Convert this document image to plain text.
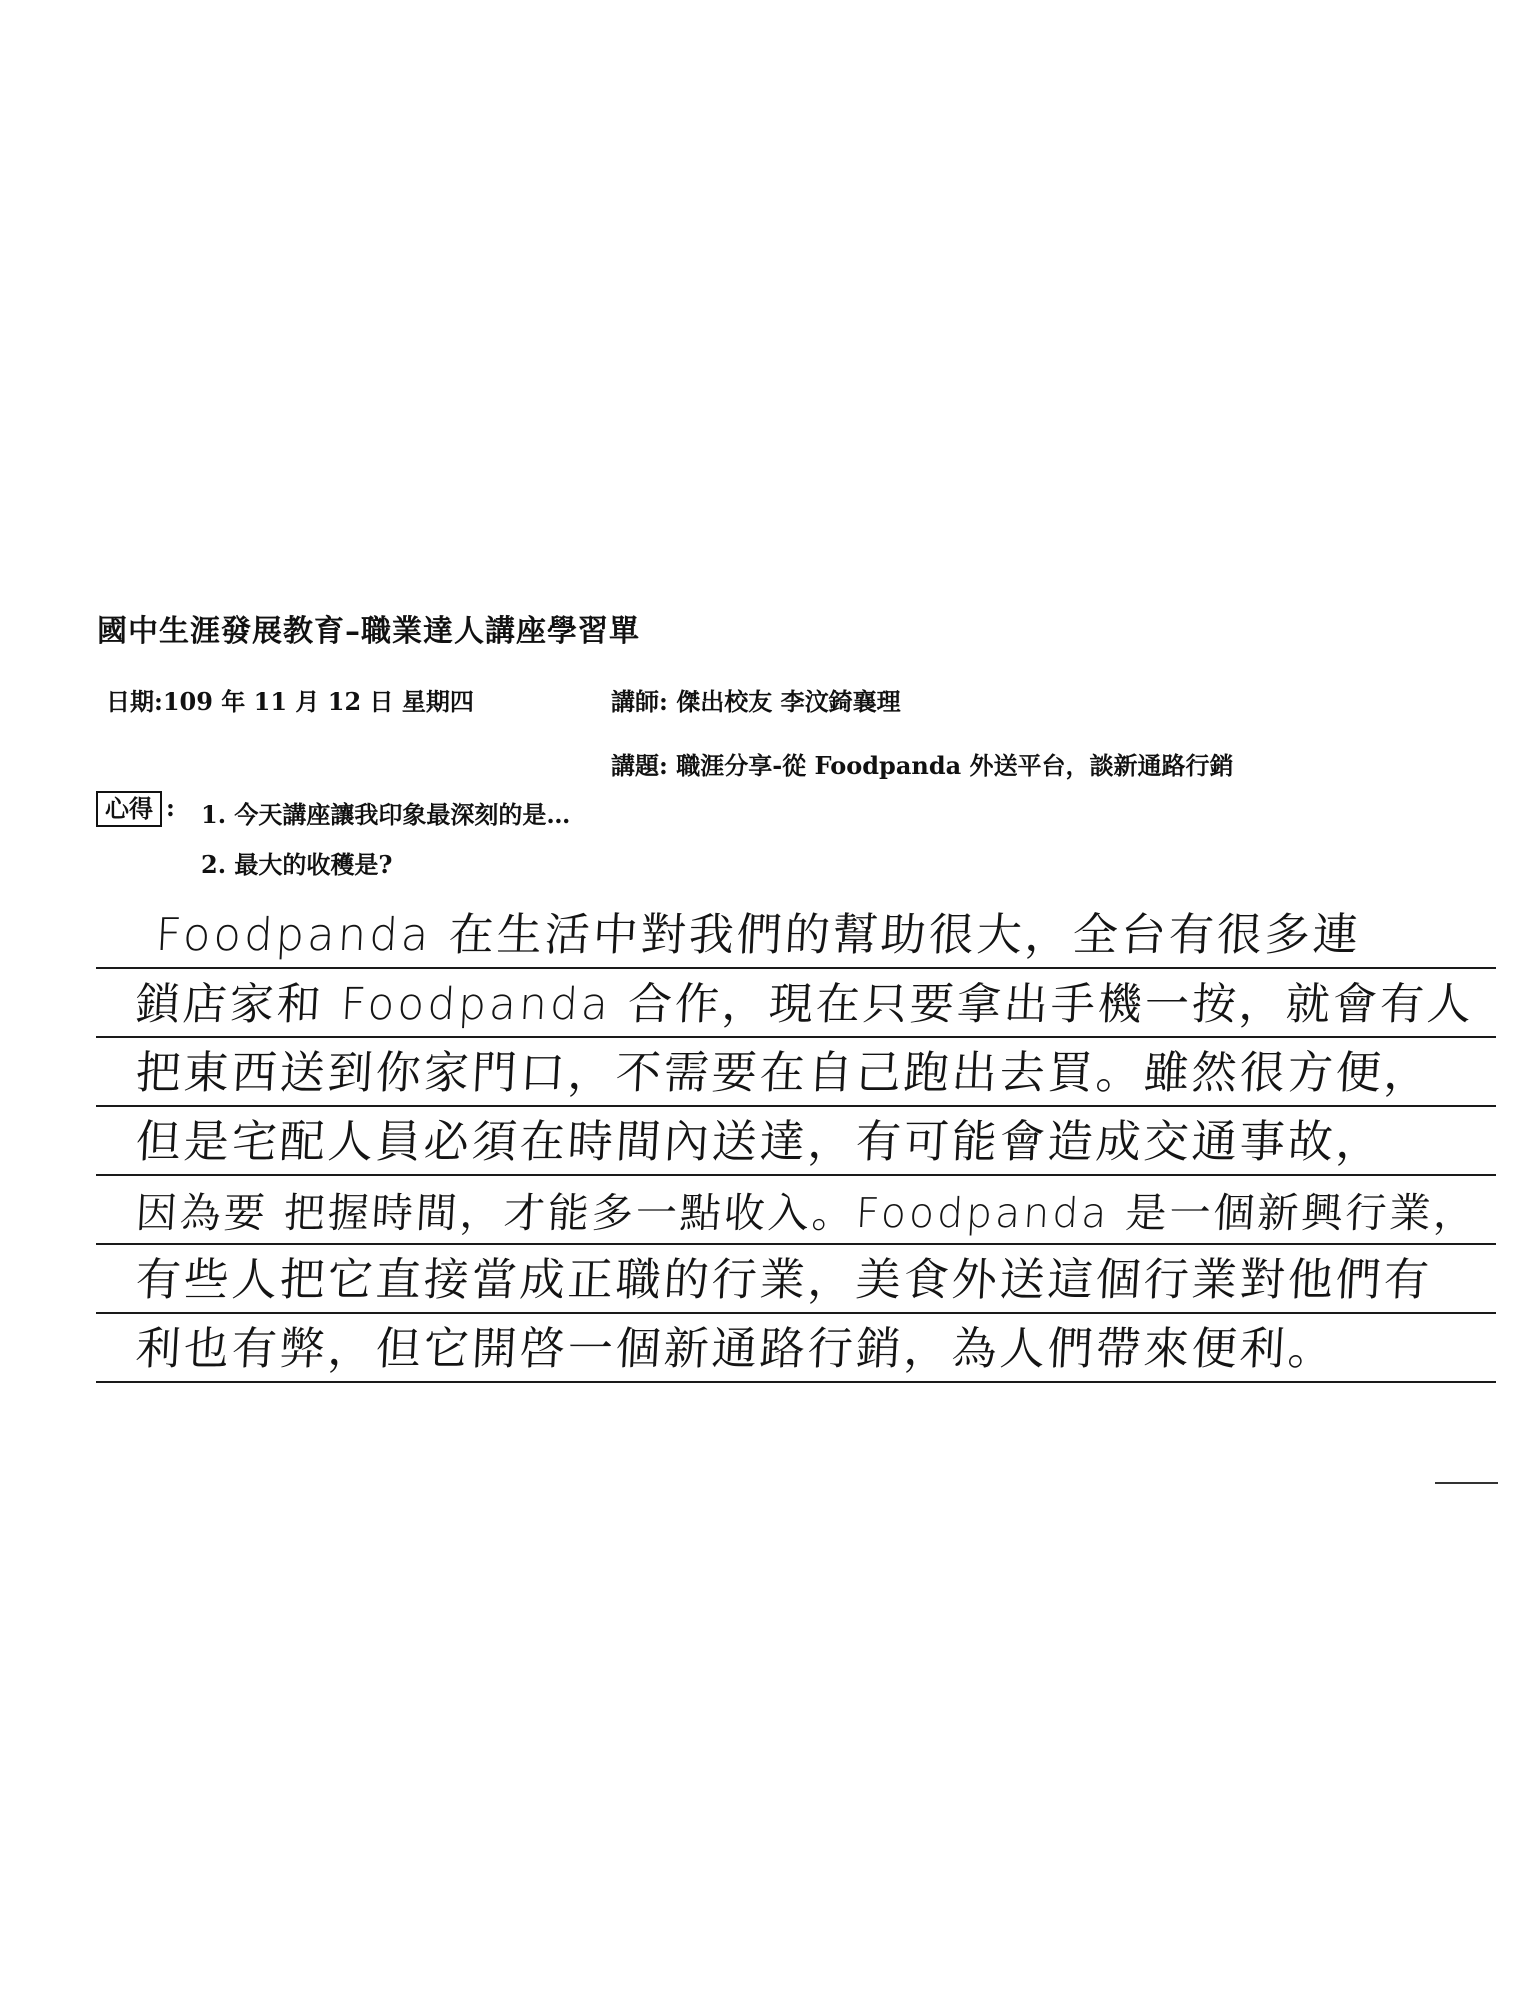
國中生涯發展教育–職業達人講座學習單
日期:109 年 11 月 12 日 星期四	講師: 傑出校友 李汶錡襄理
講題: 職涯分享-從 Foodpanda 外送平台，談新通路行銷
心得 : 1. 今天講座讓我印象最深刻的是…
2. 最大的收穫是?
Foodpanda 在生活中對我們的幫助很大，全台有很多連
鎖店家和 Foodpanda 合作，現在只要拿出手機一按，就會有人
把東西送到你家門口，不需要在自己跑出去買。雖然很方便，
但是宅配人員必須在時間內送達，有可能會造成交通事故，
因為要 把握時間，才能多一點收入。Foodpanda 是一個新興行業，
有些人把它直接當成正職的行業，美食外送這個行業對他們有
利也有弊，但它開啓一個新通路行銷，為人們帶來便利。
